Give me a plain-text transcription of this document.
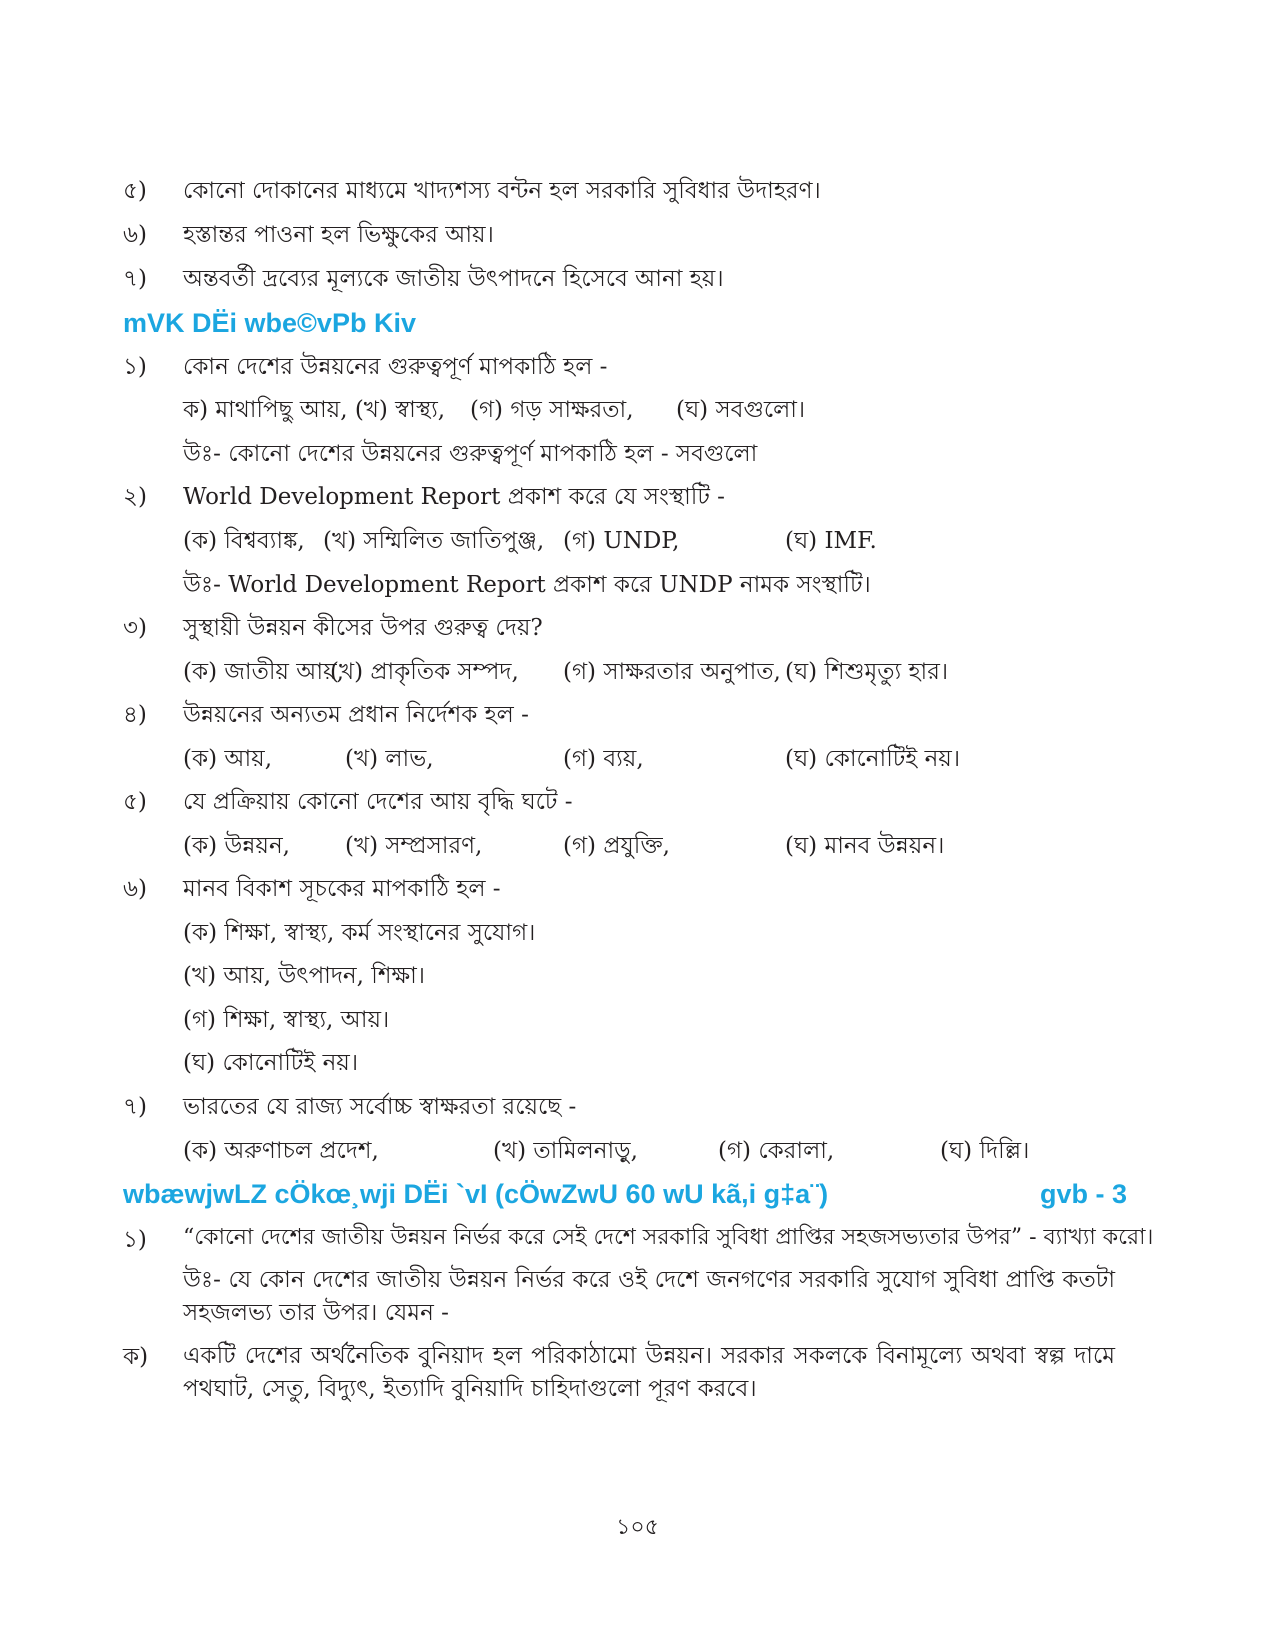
৫) কোনো দোকানের মাধ্যমে খাদ্যশস্য বন্টন হল সরকারি সুবিধার উদাহরণ।
৬) হস্তান্তর পাওনা হল ভিক্ষুকের আয়।
৭) অন্তবর্তী দ্রব্যের মূল্যকে জাতীয় উৎপাদনে হিসেবে আনা হয়।
mVK DËi wbe©vPb Kiv
১) কোন দেশের উন্নয়নের গুরুত্বপূর্ণ মাপকাঠি হল -
ক) মাথাপিছু আয়, (খ) স্বাস্থ্য, (গ) গড় সাক্ষরতা, (ঘ) সবগুলো।
উঃ- কোনো দেশের উন্নয়নের গুরুত্বপূর্ণ মাপকাঠি হল - সবগুলো
২) World Development Report প্রকাশ করে যে সংস্থাটি -
(ক) বিশ্বব্যাঙ্ক, (খ) সম্মিলিত জাতিপুঞ্জ, (গ) UNDP,	(ঘ) IMF.
উঃ- World Development Report প্রকাশ করে UNDP নামক সংস্থাটি।
৩) সুস্থায়ী উন্নয়ন কীসের উপর গুরুত্ব দেয়?
(ক) জাতীয় আয়,
(খ) প্রাকৃতিক সম্পদ, (গ) সাক্ষরতার অনুপাত, (ঘ) শিশুমৃত্যু হার।
৪) উন্নয়নের অন্যতম প্রধান নির্দেশক হল -
(ক) আয়,	(খ) লাভ,	(গ) ব্যয়,	(ঘ) কোনোটিই নয়।
৫) যে প্রক্রিয়ায় কোনো দেশের আয় বৃদ্ধি ঘটে -
(ক) উন্নয়ন, (খ) সম্প্রসারণ,	(গ) প্রযুক্তি,	(ঘ) মানব উন্নয়ন।
৬) মানব বিকাশ সূচকের মাপকাঠি হল -
(ক) শিক্ষা, স্বাস্থ্য, কর্ম সংস্থানের সুযোগ।
(খ) আয়, উৎপাদন, শিক্ষা।
(গ) শিক্ষা, স্বাস্থ্য, আয়।
(ঘ) কোনোটিই নয়।
৭) ভারতের যে রাজ্য সর্বোচ্চ স্বাক্ষরতা রয়েছে -
(ক) অরুণাচল প্রদেশ,	(খ) তামিলনাড়ু,	(গ) কেরালা,	(ঘ) দিল্লি।
wbæwjwLZ cÖkœ¸wji DËi `vI (cÖwZwU 60 wU kã,i g‡a¨)	gvb - 3
১) “কোনো দেশের জাতীয় উন্নয়ন নির্ভর করে সেই দেশে সরকারি সুবিধা প্রাপ্তির সহজসভ্যতার উপর” - ব্যাখ্যা করো।
উঃ- যে কোন দেশের জাতীয় উন্নয়ন নির্ভর করে ওই দেশে জনগণের সরকারি সুযোগ সুবিধা প্রাপ্তি কতটা সহজলভ্য তার উপর। যেমন -
ক) একটি দেশের অর্থনৈতিক বুনিয়াদ হল পরিকাঠামো উন্নয়ন। সরকার সকলকে বিনামূল্যে অথবা স্বল্প দামে পথঘাট, সেতু, বিদ্যুৎ, ইত্যাদি বুনিয়াদি চাহিদাগুলো পূরণ করবে।
১০৫
